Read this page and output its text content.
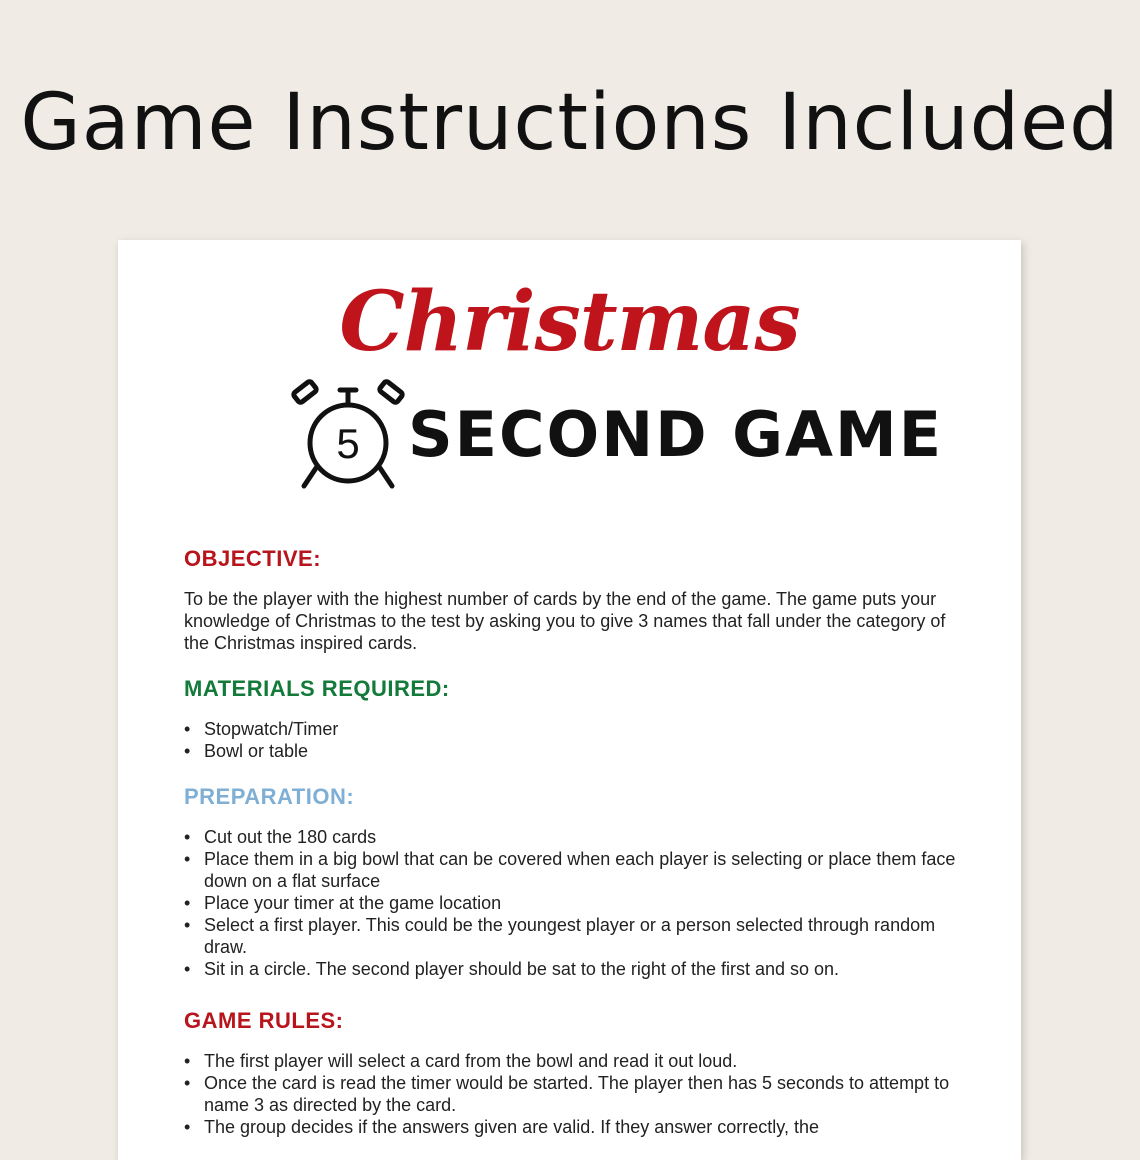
Game Instructions Included
Christmas
5 SECOND GAME
OBJECTIVE:

To be the player with the highest number of cards by the end of the game. The game puts your knowledge of Christmas to the test by asking you to give 3 names that fall under the category of the Christmas inspired cards.

MATERIALS REQUIRED:
• Stopwatch/Timer
• Bowl or table
PREPARATION:
• Cut out the 180 cards
• Place them in a big bowl that can be covered when each player is selecting or place them face down on a flat surface
• Place your timer at the game location
• Select a first player. This could be the youngest player or a person selected through random draw.
• Sit in a circle. The second player should be sat to the right of the first and so on.
GAME RULES:
• The first player will select a card from the bowl and read it out loud.
• Once the card is read the timer would be started. The player then has 5 seconds to attempt to name 3 as directed by the card.
• The group decides if the answers given are valid. If they answer correctly, the
